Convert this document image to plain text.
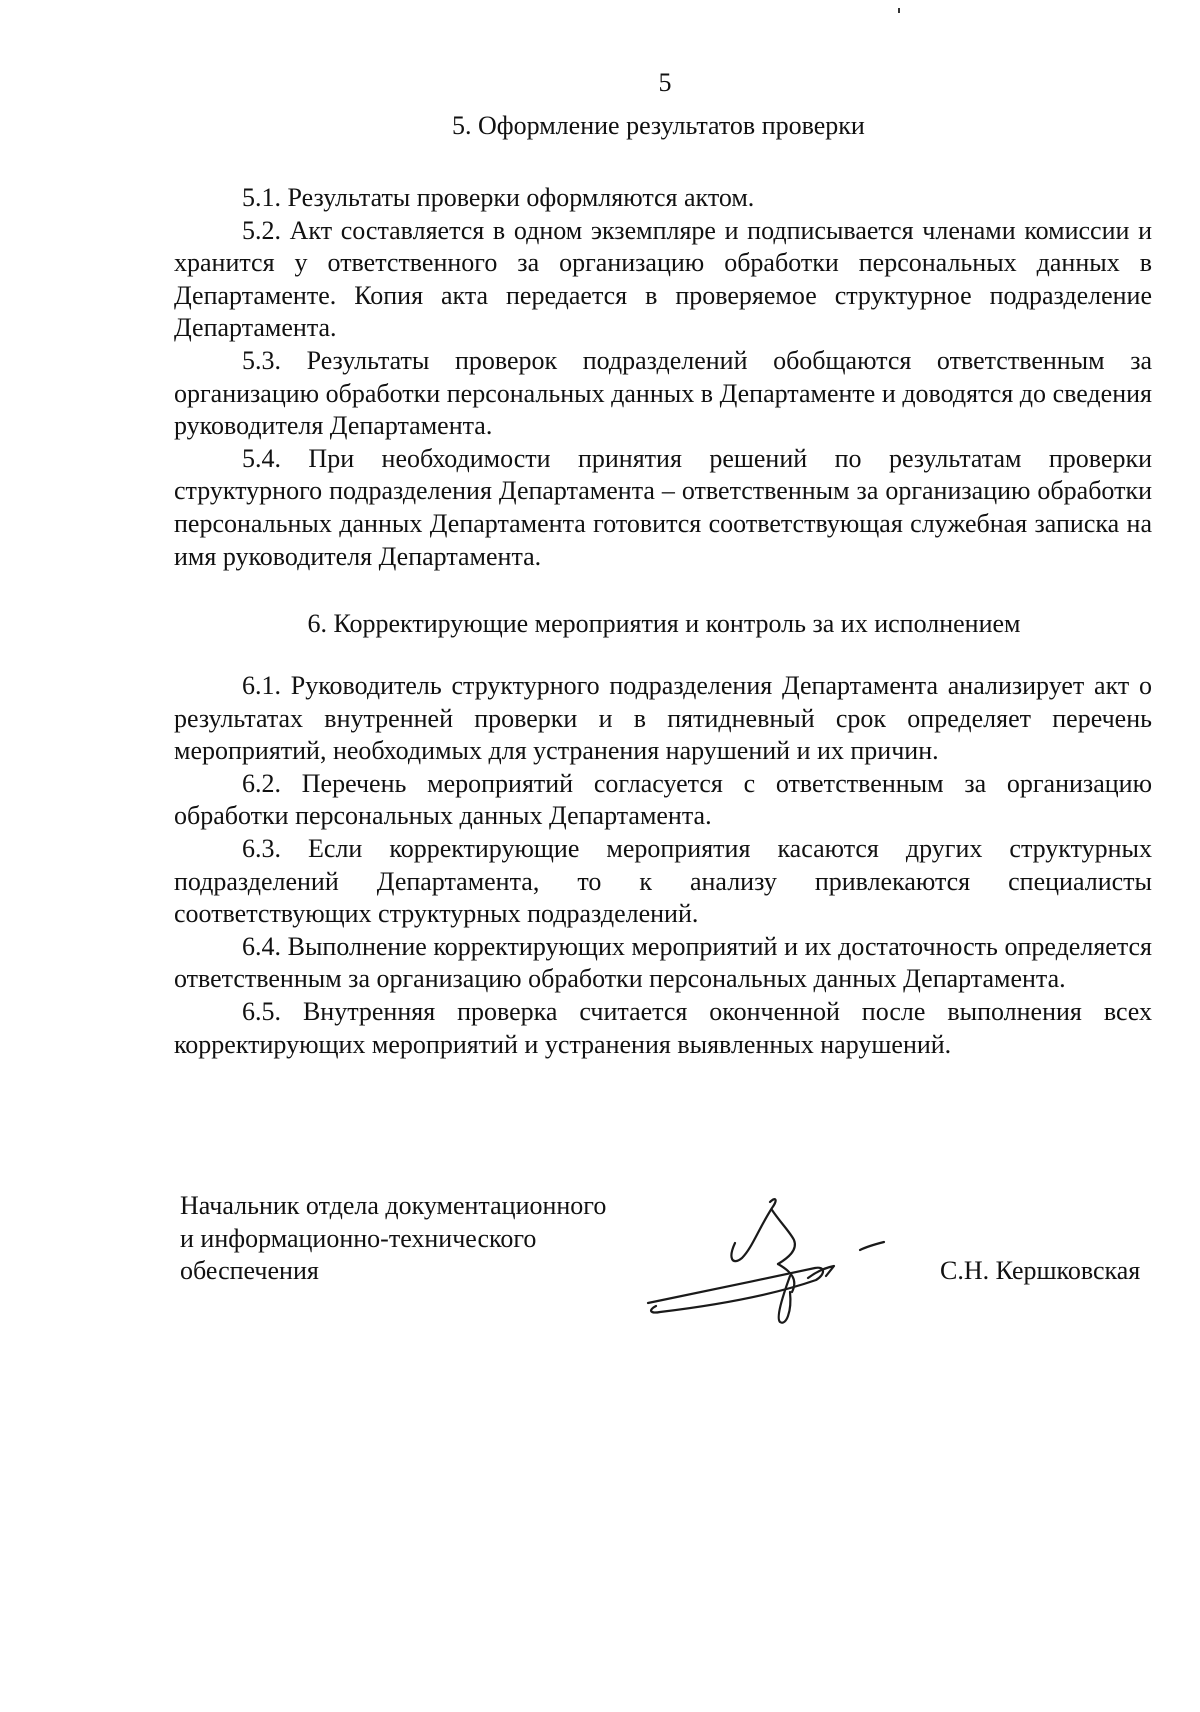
5
5. Оформление результатов проверки

5.1. Результаты проверки оформляются актом.

5.2. Акт составляется в одном экземпляре и подписывается членами комиссии и хранится у ответственного за организацию обработки персональных данных в Департаменте. Копия акта передается в проверяемое структурное подразделение Департамента.

5.3. Результаты проверок подразделений обобщаются ответственным за организацию обработки персональных данных в Департаменте и доводятся до сведения руководителя Департамента.

5.4. При необходимости принятия решений по результатам проверки структурного подразделения Департамента – ответственным за организацию обработки персональных данных Департамента готовится соответствующая служебная записка на имя руководителя Департамента.

6. Корректирующие мероприятия и контроль за их исполнением

6.1. Руководитель структурного подразделения Департамента анализирует акт о результатах внутренней проверки и в пятидневный срок определяет перечень мероприятий, необходимых для устранения нарушений и их причин.

6.2. Перечень мероприятий согласуется с ответственным за организацию обработки персональных данных Департамента.

6.3. Если корректирующие мероприятия касаются других структурных подразделений Департамента, то к анализу привлекаются специалисты соответствующих структурных подразделений.

6.4. Выполнение корректирующих мероприятий и их достаточность определяется ответственным за организацию обработки персональных данных Департамента.

6.5. Внутренняя проверка считается оконченной после выполнения всех корректирующих мероприятий и устранения выявленных нарушений.

Начальник отдела документационного
и информационно-технического
обеспечения	С.Н. Кершковская
